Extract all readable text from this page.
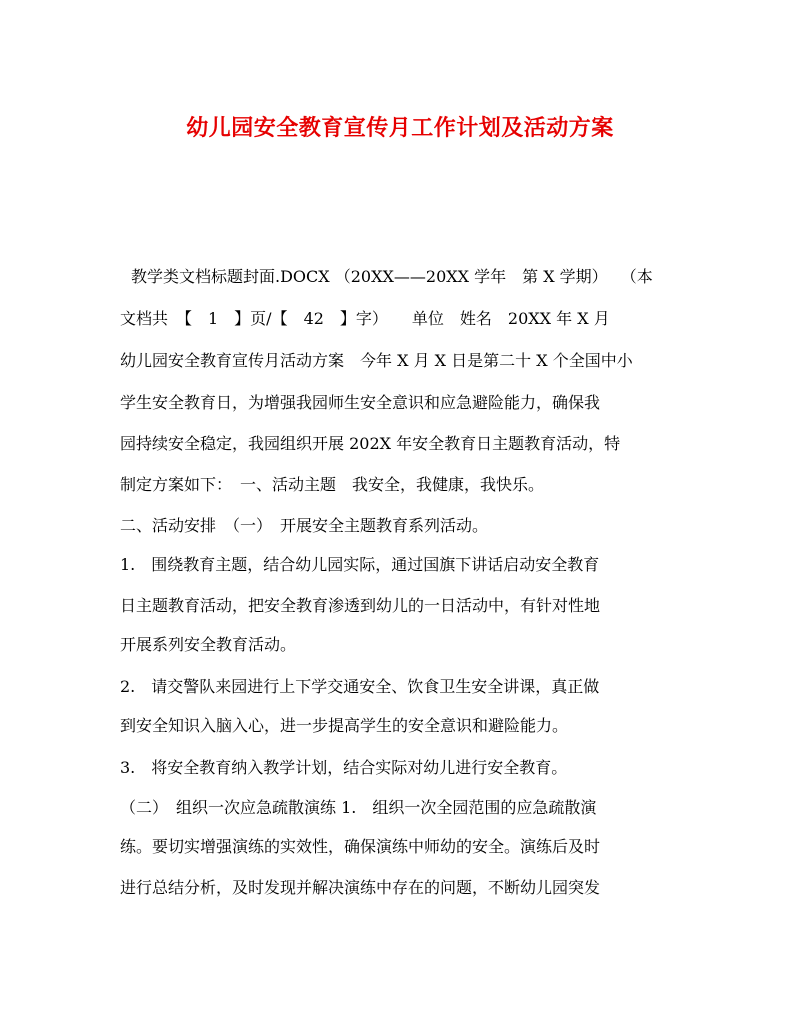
幼儿园安全教育宣传月工作计划及活动方案
教学类文档标题封面.DOCX （20XX——20XX 学年　第 X 学期）　 （本
文档共　【　1　】页/【　42　】字）　　单位　姓名　20XX 年 X 月
幼儿园安全教育宣传月活动方案　今年 X 月 X 日是第二十 X 个全国中小
学生安全教育日，为增强我园师生安全意识和应急避险能力，确保我
园持续安全稳定，我园组织开展 202X 年安全教育日主题教育活动，特
制定方案如下：　一、活动主题　我安全，我健康，我快乐。
二、活动安排　（一）　开展安全主题教育系列活动。
1.　围绕教育主题，结合幼儿园实际，通过国旗下讲话启动安全教育
日主题教育活动，把安全教育渗透到幼儿的一日活动中，有针对性地
开展系列安全教育活动。
2.　请交警队来园进行上下学交通安全、饮食卫生安全讲课，真正做
到安全知识入脑入心，进一步提高学生的安全意识和避险能力。
3.　将安全教育纳入教学计划，结合实际对幼儿进行安全教育。
（二）　组织一次应急疏散演练 1.　组织一次全园范围的应急疏散演
练。要切实增强演练的实效性，确保演练中师幼的安全。演练后及时
进行总结分析，及时发现并解决演练中存在的问题，不断幼儿园突发
